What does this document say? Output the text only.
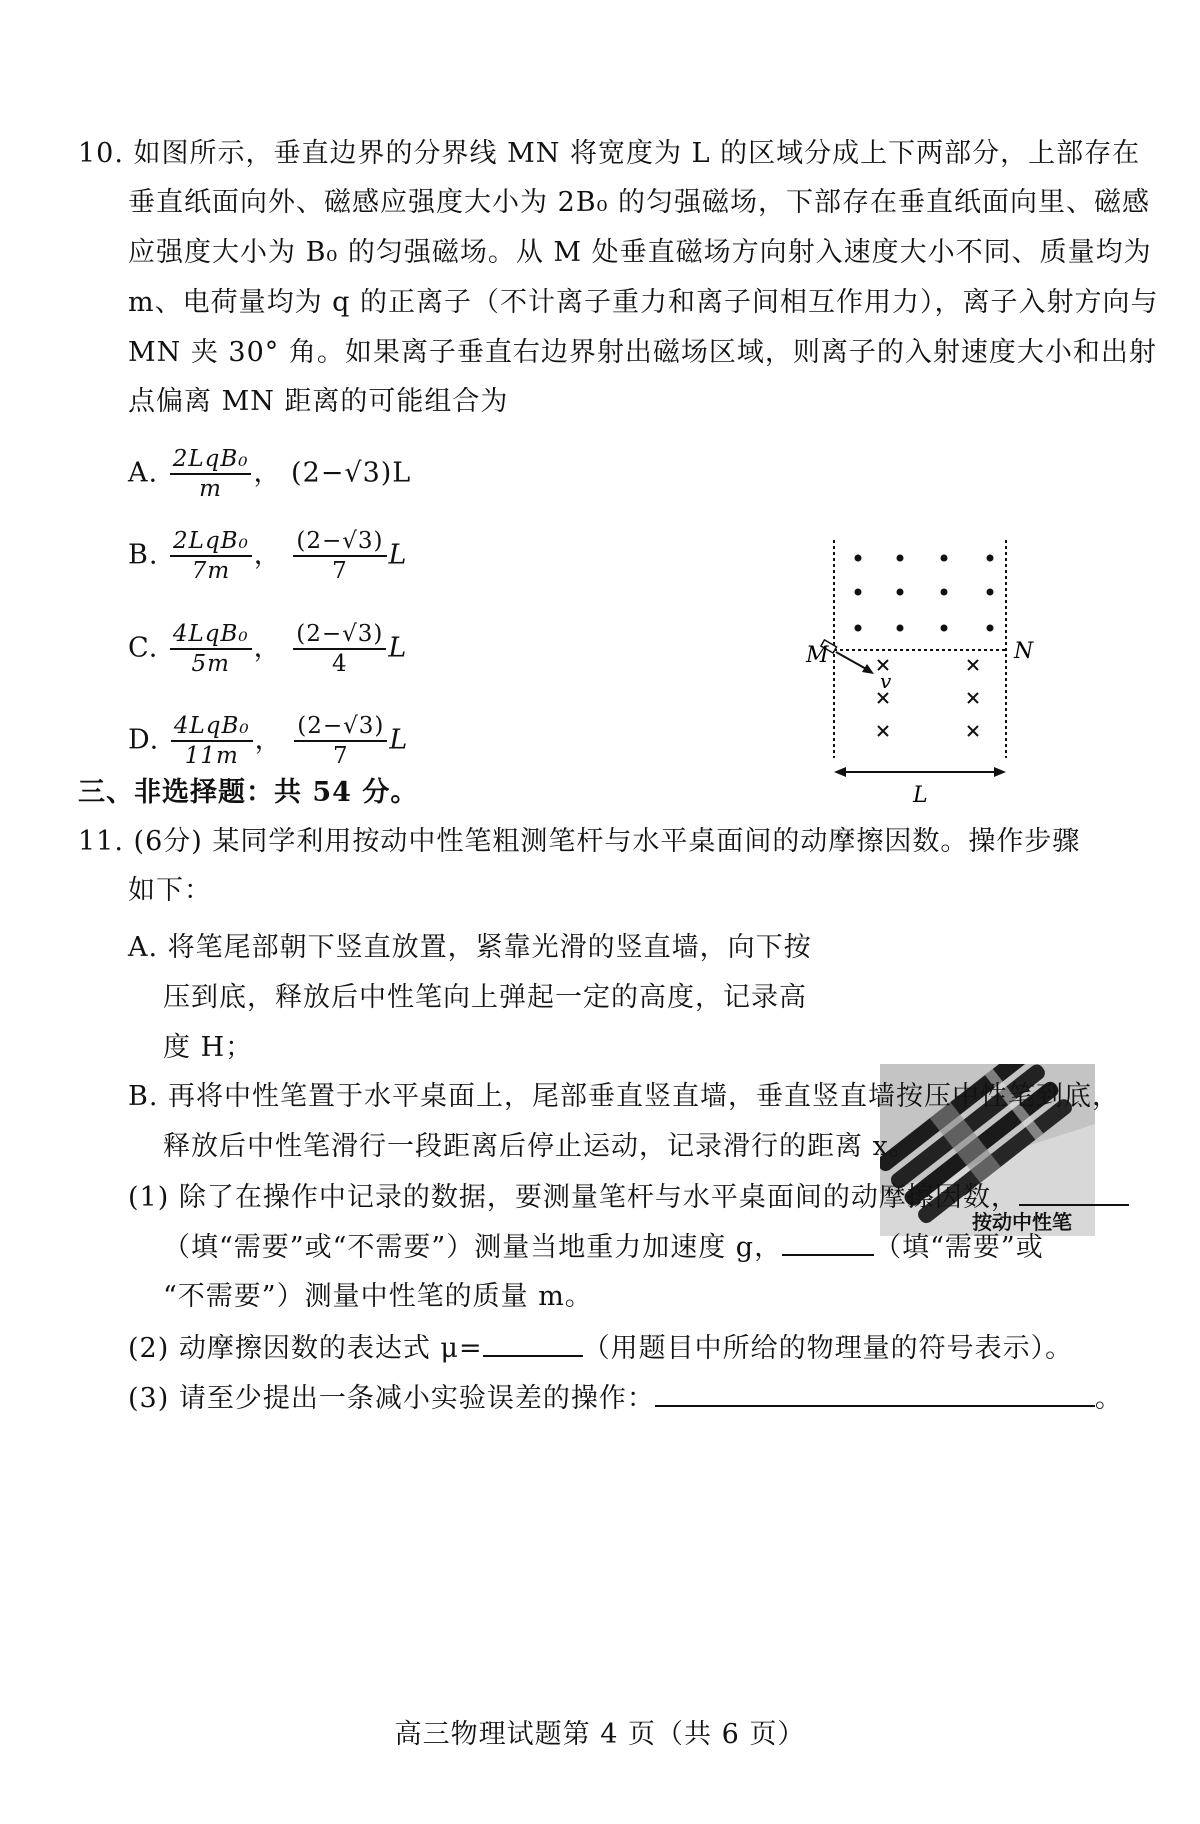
10. 如图所示，垂直边界的分界线 MN 将宽度为 L 的区域分成上下两部分，上部存在
垂直纸面向外、磁感应强度大小为 2B₀ 的匀强磁场，下部存在垂直纸面向里、磁感
应强度大小为 B₀ 的匀强磁场。从 M 处垂直磁场方向射入速度大小不同、质量均为
m、电荷量均为 q 的正离子（不计离子重力和离子间相互作用力），离子入射方向与
MN 夹 30° 角。如果离子垂直右边界射出磁场区域，则离子的入射速度大小和出射
点偏离 MN 距离的可能组合为
A. $\frac{\text{2LqB₀}}{m}$ ， (2−√3)L
B. $\frac{\text{2LqB₀}}{7m}$ ， $\frac{(2-√3)}{7}$ L
C. $\frac{\text{4LqB₀}}{5m}$ ， $\frac{(2-√3)}{4}$ L
D. $\frac{\text{4LqB₀}}{11m}$ ， $\frac{(2-√3)}{7}$ L
M	N
v
L
三、非选择题：共 54 分。
11. (6分) 某同学利用按动中性笔粗测笔杆与水平桌面间的动摩擦因数。操作步骤
如下：
A. 将笔尾部朝下竖直放置，紧靠光滑的竖直墙，向下按
压到底，释放后中性笔向上弹起一定的高度，记录高
度 H；
按动中性笔
B. 再将中性笔置于水平桌面上，尾部垂直竖直墙，垂直竖直墙按压中性笔到底，
释放后中性笔滑行一段距离后停止运动，记录滑行的距离 x。
(1) 除了在操作中记录的数据，要测量笔杆与水平桌面间的动摩擦因数，
（填“需要”或“不需要”）测量当地重力加速度 g，	（填“需要”或
“不需要”）测量中性笔的质量 m。
(2) 动摩擦因数的表达式 μ=	（用题目中所给的物理量的符号表示）。
(3) 请至少提出一条减小实验误差的操作：	。
高三物理试题第 4 页（共 6 页）
